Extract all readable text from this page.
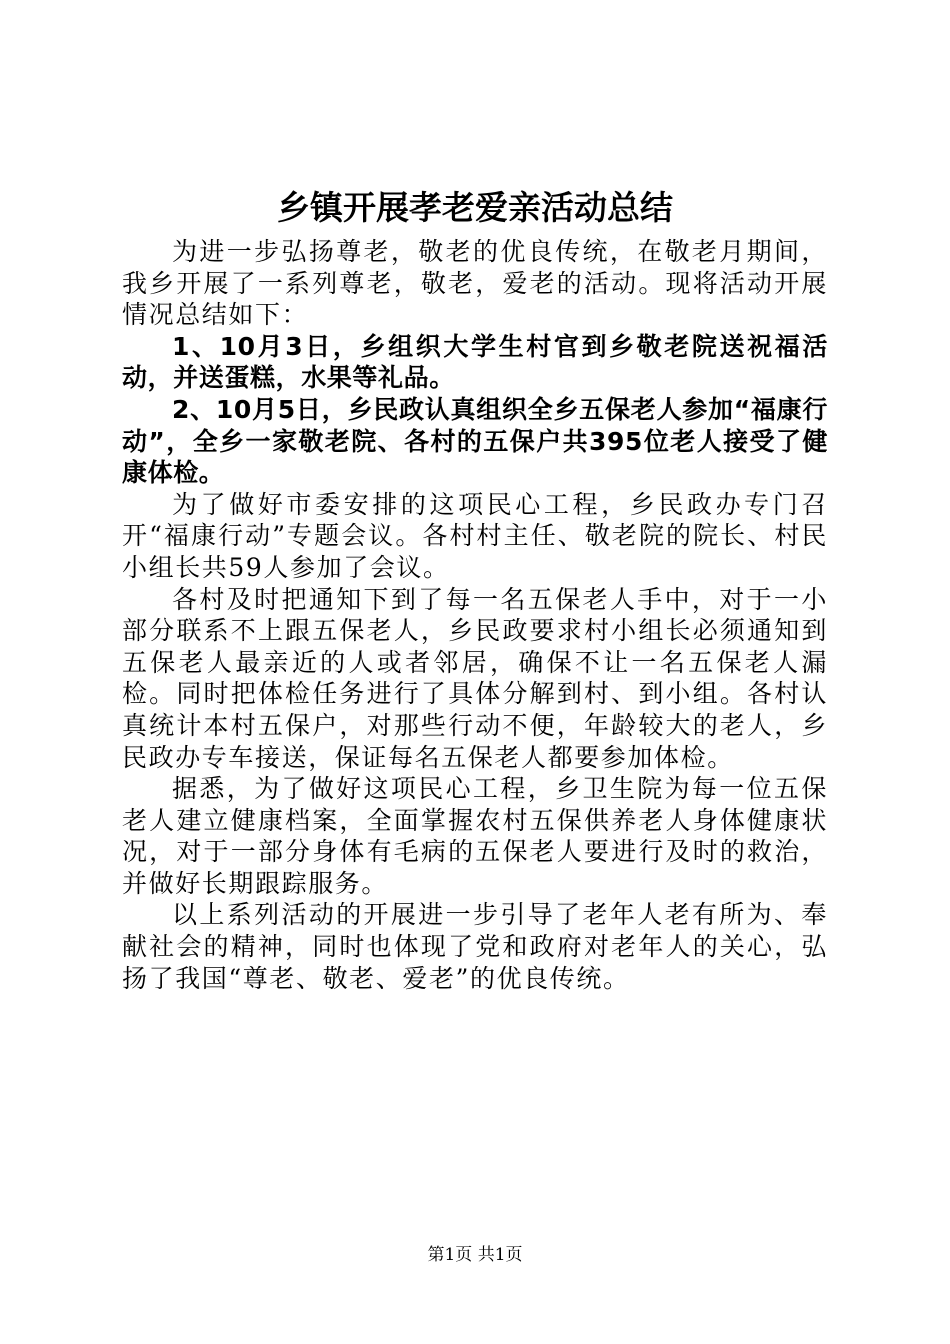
乡镇开展孝老爱亲活动总结

为进一步弘扬尊老，敬老的优良传统，在敬老月期间，我乡开展了一系列尊老，敬老，爱老的活动。现将活动开展情况总结如下：

1、10月3日，乡组织大学生村官到乡敬老院送祝福活动，并送蛋糕，水果等礼品。

2、10月5日，乡民政认真组织全乡五保老人参加“福康行动”，全乡一家敬老院、各村的五保户共395位老人接受了健康体检。

为了做好市委安排的这项民心工程，乡民政办专门召开“福康行动”专题会议。各村村主任、敬老院的院长、村民小组长共59人参加了会议。

各村及时把通知下到了每一名五保老人手中，对于一小部分联系不上跟五保老人，乡民政要求村小组长必须通知到五保老人最亲近的人或者邻居，确保不让一名五保老人漏检。同时把体检任务进行了具体分解到村、到小组。各村认真统计本村五保户，对那些行动不便，年龄较大的老人，乡民政办专车接送，保证每名五保老人都要参加体检。

据悉，为了做好这项民心工程，乡卫生院为每一位五保老人建立健康档案，全面掌握农村五保供养老人身体健康状况，对于一部分身体有毛病的五保老人要进行及时的救治，并做好长期跟踪服务。

以上系列活动的开展进一步引导了老年人老有所为、奉献社会的精神，同时也体现了党和政府对老年人的关心，弘扬了我国“尊老、敬老、爱老”的优良传统。

第1页 共1页
